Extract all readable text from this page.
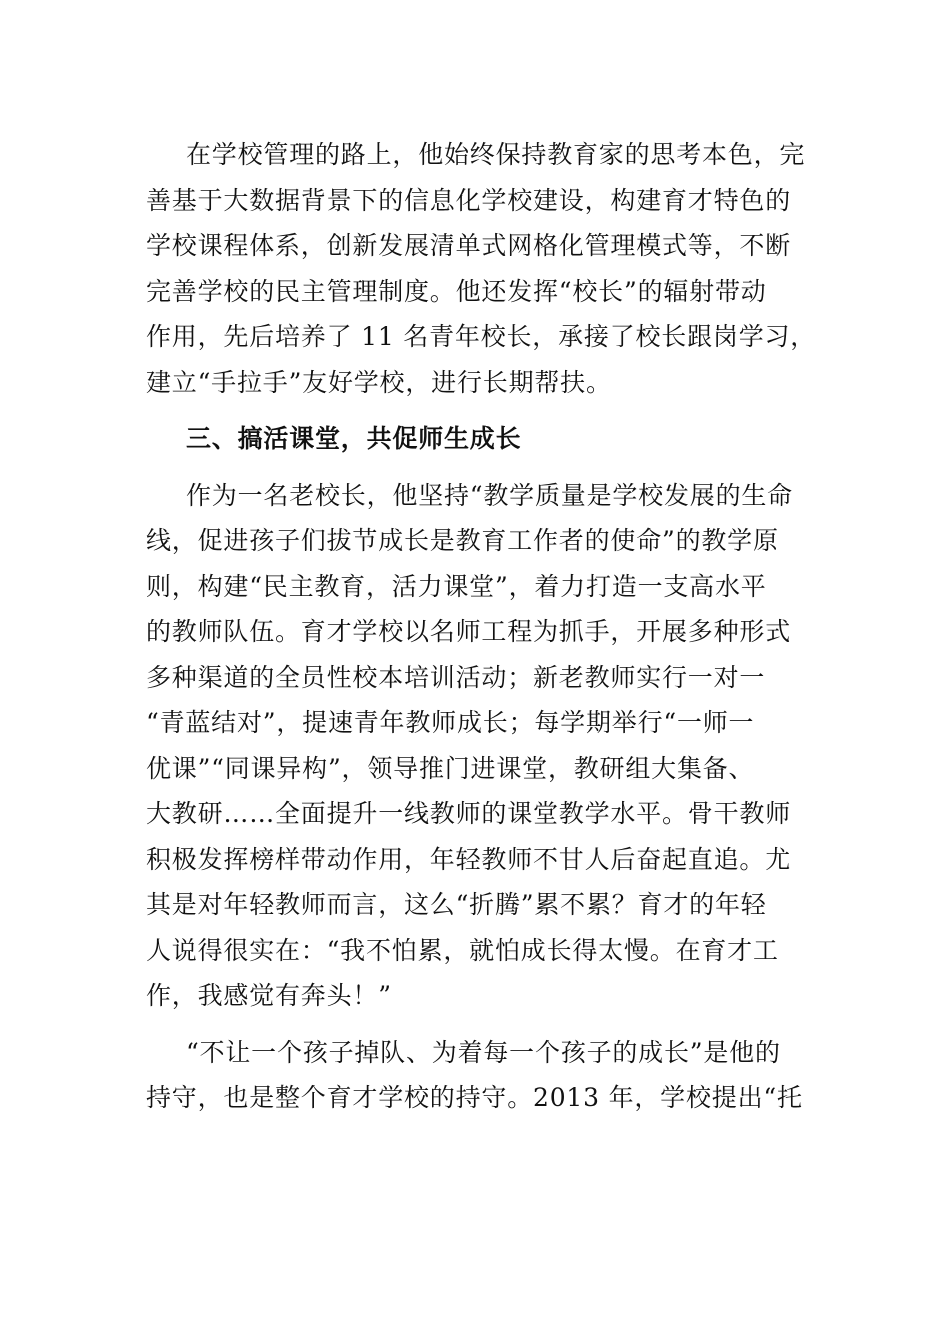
在学校管理的路上，他始终保持教育家的思考本色，完
善基于大数据背景下的信息化学校建设，构建育才特色的
学校课程体系，创新发展清单式网格化管理模式等，不断
完善学校的民主管理制度。他还发挥“校长”的辐射带动
作用，先后培养了 11 名青年校长，承接了校长跟岗学习，
建立“手拉手”友好学校，进行长期帮扶。
三、搞活课堂，共促师生成长
作为一名老校长，他坚持“教学质量是学校发展的生命
线，促进孩子们拔节成长是教育工作者的使命”的教学原
则，构建“民主教育，活力课堂”，着力打造一支高水平
的教师队伍。育才学校以名师工程为抓手，开展多种形式
多种渠道的全员性校本培训活动；新老教师实行一对一
“青蓝结对”，提速青年教师成长；每学期举行“一师一
优课”“同课异构”，领导推门进课堂，教研组大集备、
大教研……全面提升一线教师的课堂教学水平。骨干教师
积极发挥榜样带动作用，年轻教师不甘人后奋起直追。尤
其是对年轻教师而言，这么“折腾”累不累？育才的年轻
人说得很实在：“我不怕累，就怕成长得太慢。在育才工
作，我感觉有奔头！”
“不让一个孩子掉队、为着每一个孩子的成长”是他的
持守，也是整个育才学校的持守。2013 年，学校提出“托
